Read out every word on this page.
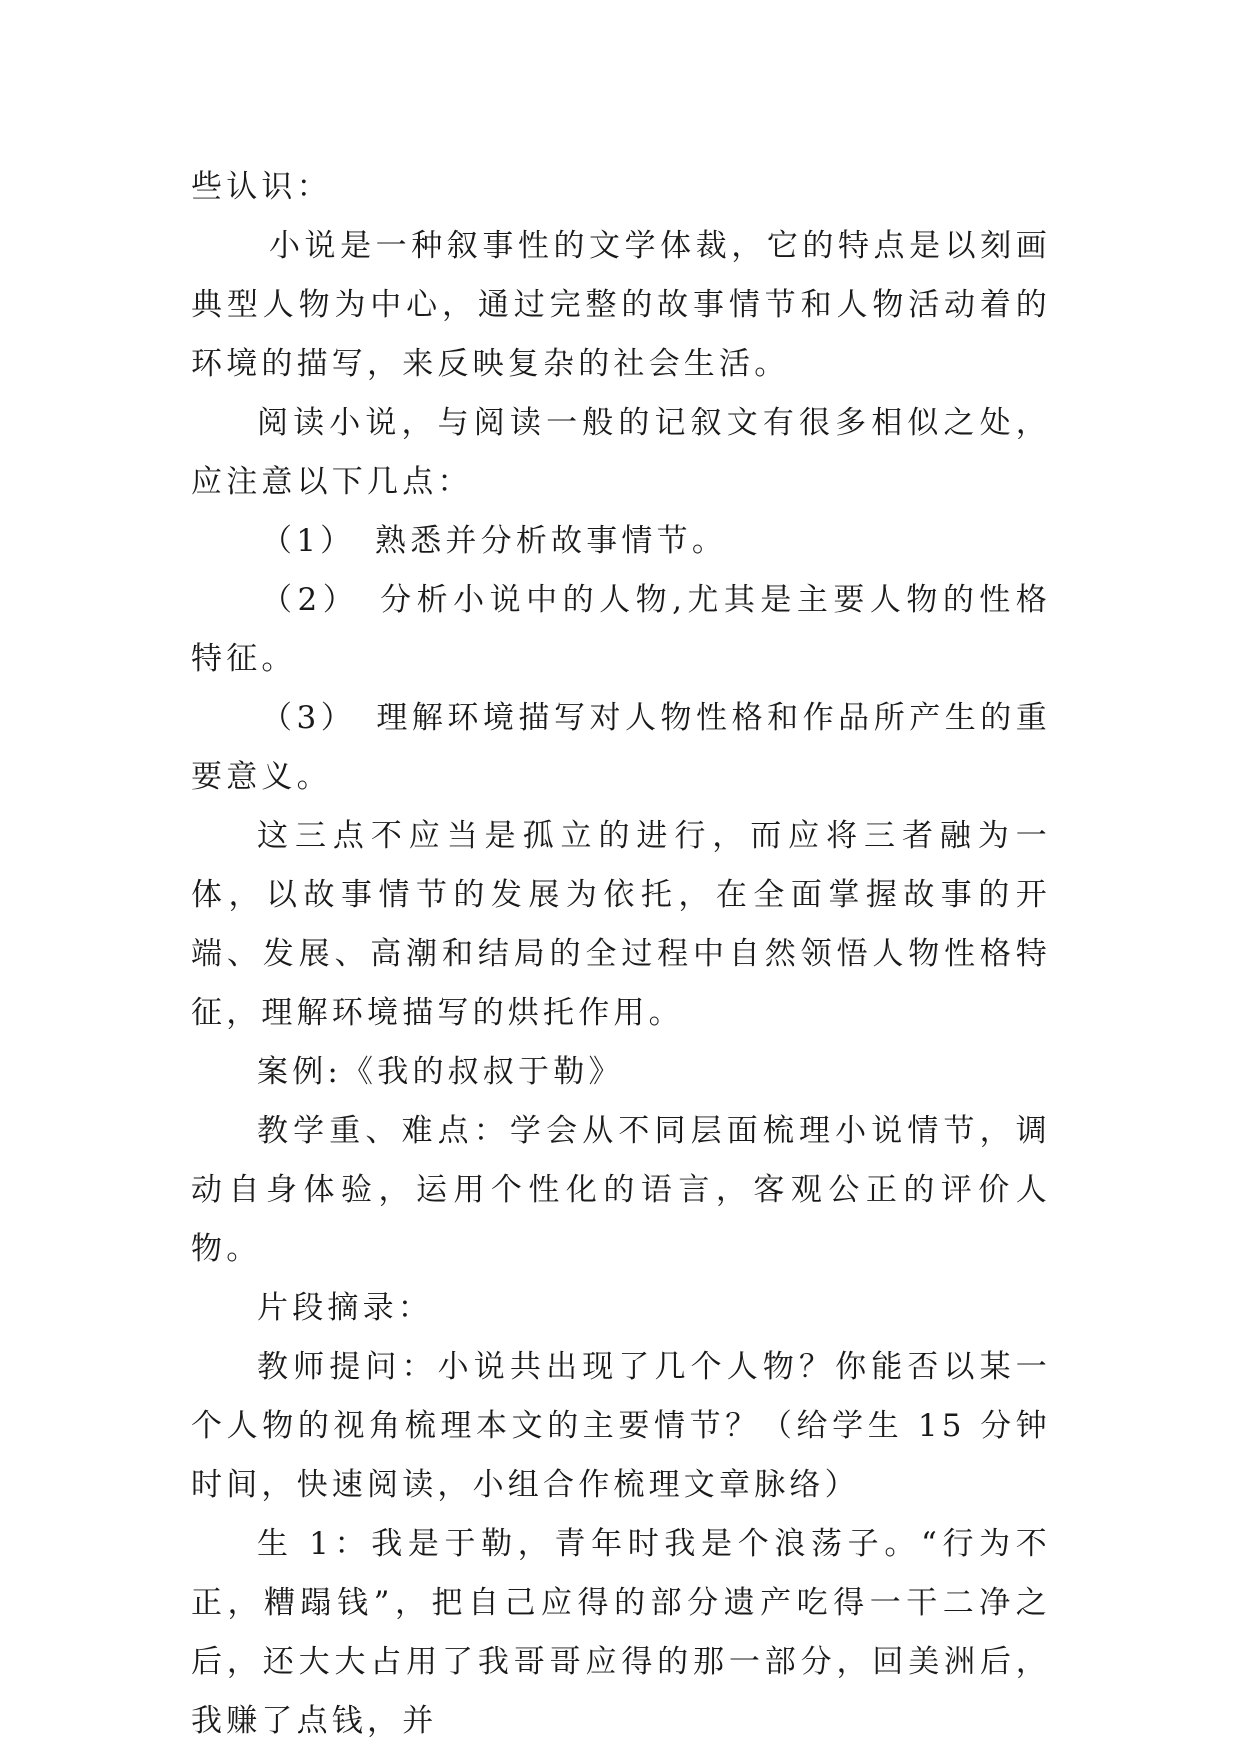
些认识：

小说是一种叙事性的文学体裁，它的特点是以刻画典型人物为中心，通过完整的故事情节和人物活动着的环境的描写，来反映复杂的社会生活。

阅读小说，与阅读一般的记叙文有很多相似之处，应注意以下几点：

（1）　熟悉并分析故事情节。

（2）　分析小说中的人物,尤其是主要人物的性格特征。

（3）　理解环境描写对人物性格和作品所产生的重要意义。

这三点不应当是孤立的进行，而应将三者融为一体，以故事情节的发展为依托，在全面掌握故事的开端、发展、高潮和结局的全过程中自然领悟人物性格特征，理解环境描写的烘托作用。

案例:《我的叔叔于勒》

教学重、难点：学会从不同层面梳理小说情节，调动自身体验，运用个性化的语言，客观公正的评价人物。

片段摘录：

教师提问：小说共出现了几个人物？你能否以某一个人物的视角梳理本文的主要情节？（给学生 15 分钟时间，快速阅读，小组合作梳理文章脉络）

生 1：我是于勒，青年时我是个浪荡子。“行为不正，糟蹋钱”，把自己应得的部分遗产吃得一干二净之后，还大大占用了我哥哥应得的那一部分，回美洲后，我赚了点钱，并
